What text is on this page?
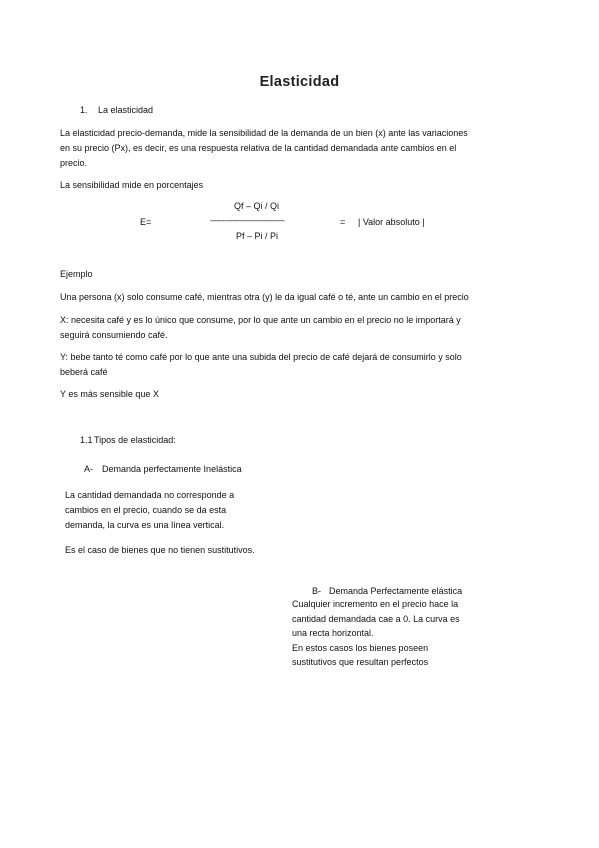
Elasticidad
1. La elasticidad
La elasticidad precio-demanda, mide la sensibilidad de la demanda de un bien (x) ante las variaciones
en su precio (Px), es decir, es una respuesta relativa de la cantidad demandada ante cambios en el
precio.
La sensibilidad mide en porcentajes
E=
Qf – Qi / Qi
------------------------------------
Pf – Pi / Pi
= | Valor absoluto |
Ejemplo
Una persona (x) solo consume café, mientras otra (y) le da igual café o té, ante un cambio en el precio
X: necesita café y es lo único que consume, por lo que ante un cambio en el precio no le importará y
seguirá consumiendo café.
Y: bebe tanto té como café por lo que ante una subida del precio de café dejará de consumirlo y solo
beberá café
Y es más sensible que X
1.1Tipos de elasticidad:
A- Demanda perfectamente Inelástica
La cantidad demandada no corresponde a
cambios en el precio, cuando se da esta
demanda, la curva es una línea vertical.
Es el caso de bienes que no tienen sustitutivos.
B- Demanda Perfectamente elástica
Cualquier incremento en el precio hace la
cantidad demandada cae a 0. La curva es
una recta horizontal.
En estos casos los bienes poseen
sustitutivos que resultan perfectos
